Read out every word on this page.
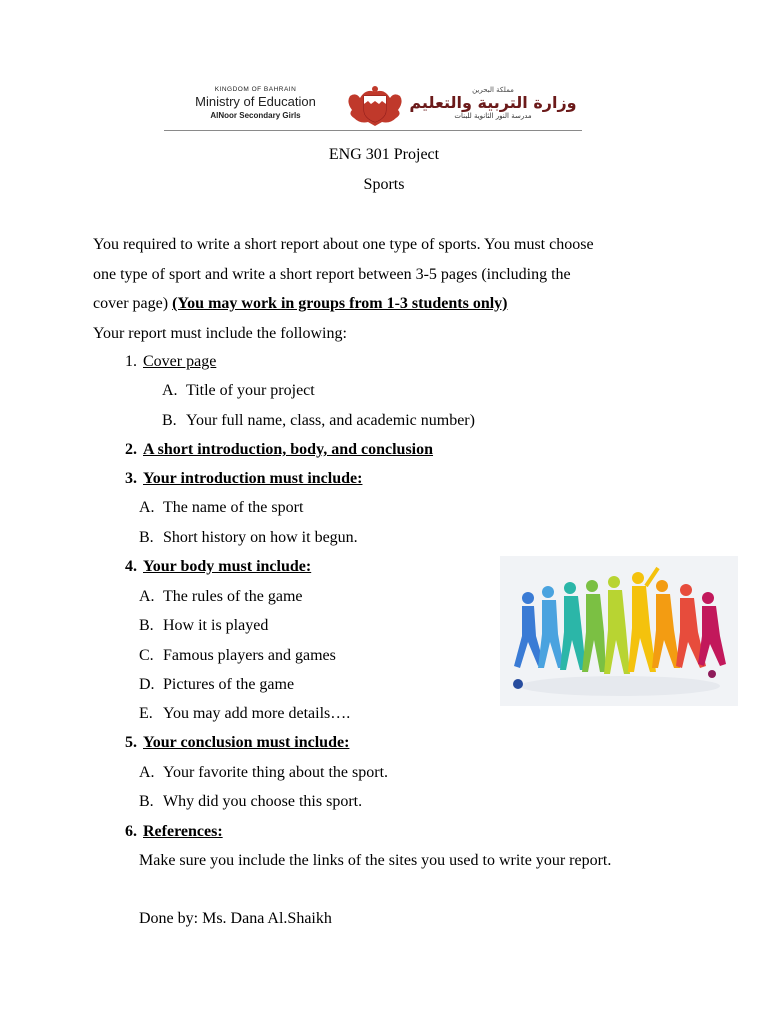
KINGDOM OF BAHRAIN
Ministry of Education
AlNoor Secondary Girls
مملكة البحرين
وزارة التربية والتعليم
مدرسة النور الثانوية للبنات
ENG 301 Project
Sports
You required to write a short report about one type of sports. You must choose
one type of sport and write a short report between 3-5 pages (including the
cover page) (You may work in groups from 1-3 students only)
Your report must include the following:
1. Cover page
A. Title of your project
B. Your full name, class, and academic number)
2. A short introduction, body, and conclusion
3. Your introduction must include:
A. The name of the sport
B. Short history on how it begun.
4. Your body must include:
A. The rules of the game
B. How it is played
C. Famous players and games
D. Pictures of the game
E. You may add more details….
5. Your conclusion must include:
A. Your favorite thing about the sport.
B. Why did you choose this sport.
6. References:
Make sure you include the links of the sites you used to write your report.
Done by: Ms. Dana Al.Shaikh
